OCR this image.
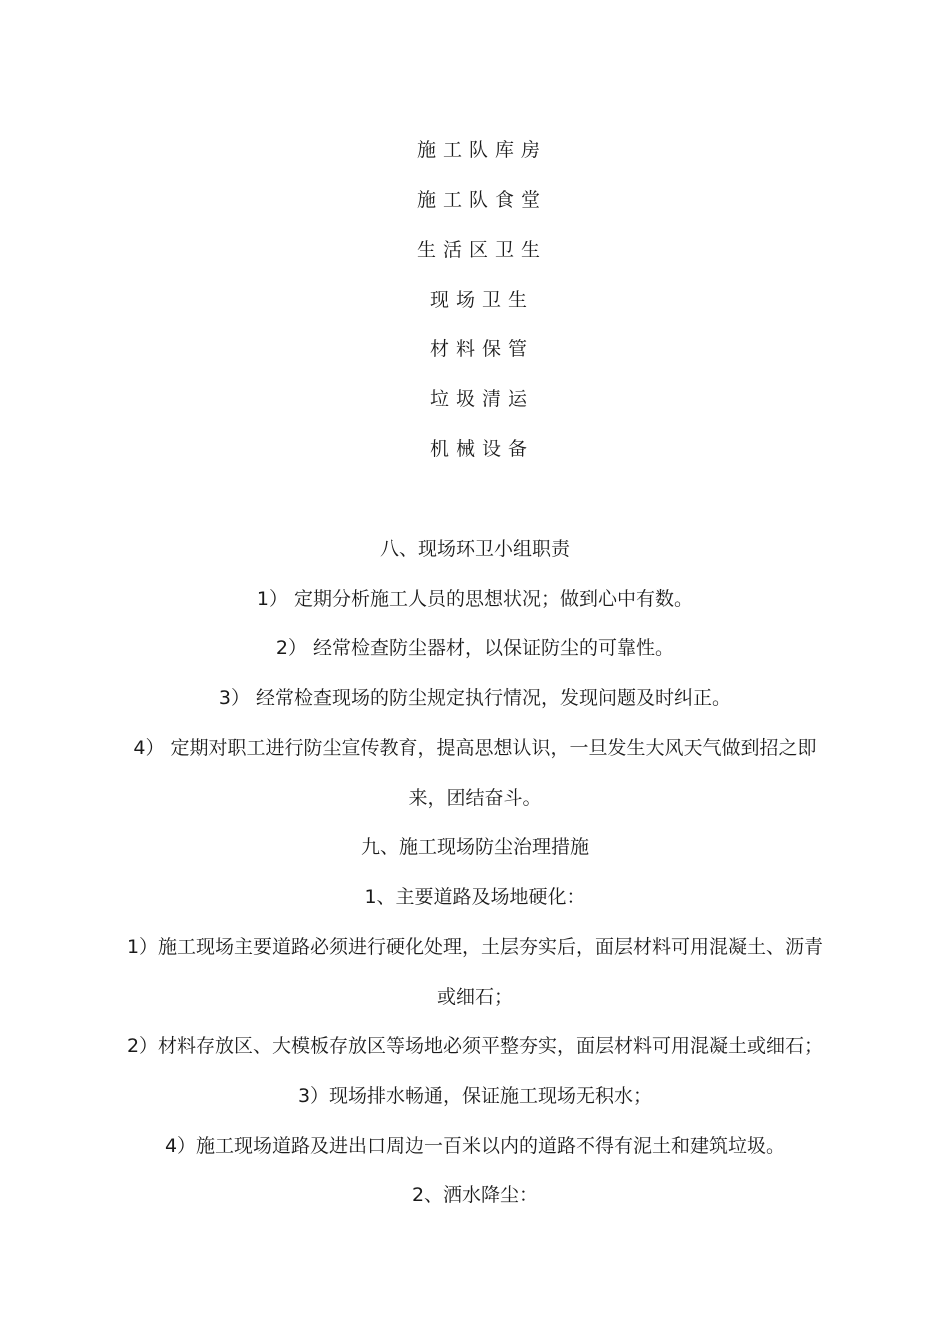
施工队库房
施工队食堂
生活区卫生
现场卫生
材料保管
垃圾清运
机械设备
八、现场环卫小组职责
1） 定期分析施工人员的思想状况；做到心中有数。
2） 经常检查防尘器材，以保证防尘的可靠性。
3） 经常检查现场的防尘规定执行情况，发现问题及时纠正。
4） 定期对职工进行防尘宣传教育，提高思想认识，一旦发生大风天气做到招之即
来，团结奋斗。
九、施工现场防尘治理措施
1、主要道路及场地硬化：
1）施工现场主要道路必须进行硬化处理，土层夯实后，面层材料可用混凝土、沥青
或细石；
2）材料存放区、大模板存放区等场地必须平整夯实，面层材料可用混凝土或细石；
3）现场排水畅通，保证施工现场无积水；
4）施工现场道路及进出口周边一百米以内的道路不得有泥土和建筑垃圾。
2、洒水降尘：
